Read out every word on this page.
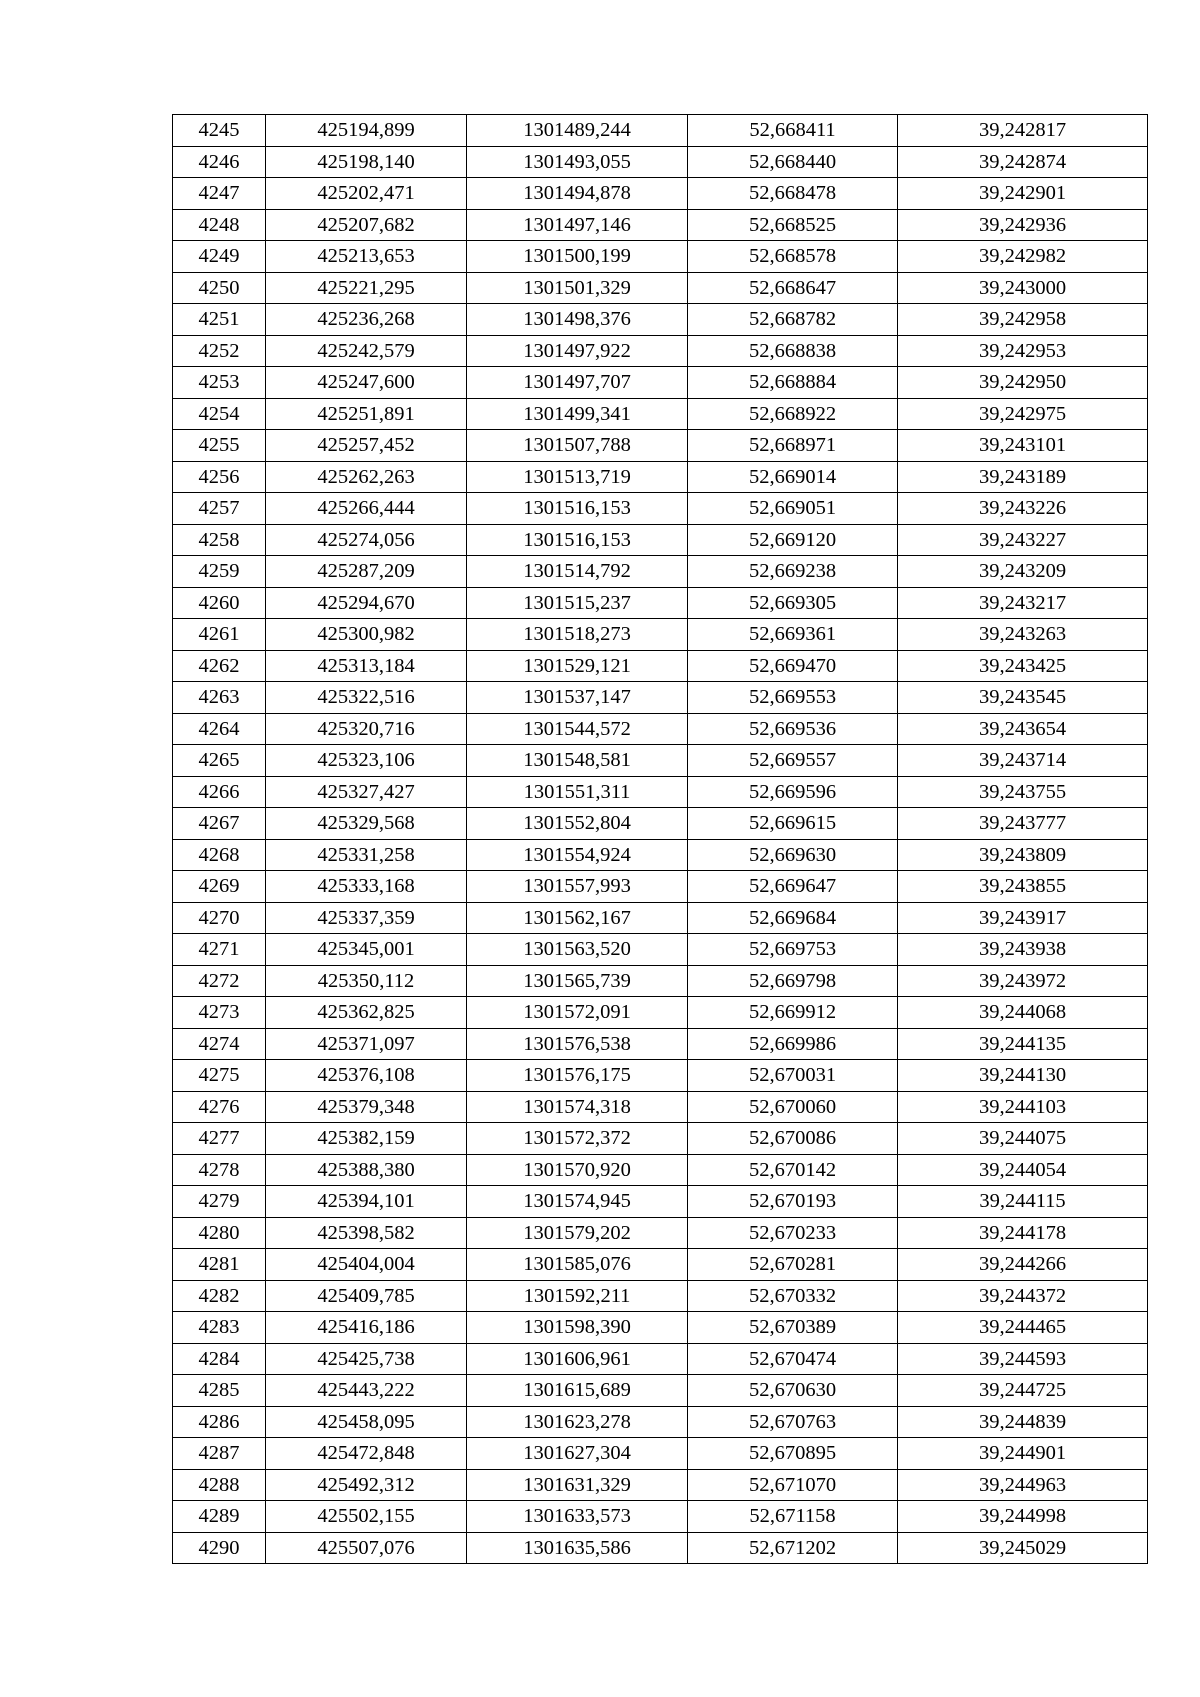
4245	425194,899	1301489,244	52,668411	39,242817
4246	425198,140	1301493,055	52,668440	39,242874
4247	425202,471	1301494,878	52,668478	39,242901
4248	425207,682	1301497,146	52,668525	39,242936
4249	425213,653	1301500,199	52,668578	39,242982
4250	425221,295	1301501,329	52,668647	39,243000
4251	425236,268	1301498,376	52,668782	39,242958
4252	425242,579	1301497,922	52,668838	39,242953
4253	425247,600	1301497,707	52,668884	39,242950
4254	425251,891	1301499,341	52,668922	39,242975
4255	425257,452	1301507,788	52,668971	39,243101
4256	425262,263	1301513,719	52,669014	39,243189
4257	425266,444	1301516,153	52,669051	39,243226
4258	425274,056	1301516,153	52,669120	39,243227
4259	425287,209	1301514,792	52,669238	39,243209
4260	425294,670	1301515,237	52,669305	39,243217
4261	425300,982	1301518,273	52,669361	39,243263
4262	425313,184	1301529,121	52,669470	39,243425
4263	425322,516	1301537,147	52,669553	39,243545
4264	425320,716	1301544,572	52,669536	39,243654
4265	425323,106	1301548,581	52,669557	39,243714
4266	425327,427	1301551,311	52,669596	39,243755
4267	425329,568	1301552,804	52,669615	39,243777
4268	425331,258	1301554,924	52,669630	39,243809
4269	425333,168	1301557,993	52,669647	39,243855
4270	425337,359	1301562,167	52,669684	39,243917
4271	425345,001	1301563,520	52,669753	39,243938
4272	425350,112	1301565,739	52,669798	39,243972
4273	425362,825	1301572,091	52,669912	39,244068
4274	425371,097	1301576,538	52,669986	39,244135
4275	425376,108	1301576,175	52,670031	39,244130
4276	425379,348	1301574,318	52,670060	39,244103
4277	425382,159	1301572,372	52,670086	39,244075
4278	425388,380	1301570,920	52,670142	39,244054
4279	425394,101	1301574,945	52,670193	39,244115
4280	425398,582	1301579,202	52,670233	39,244178
4281	425404,004	1301585,076	52,670281	39,244266
4282	425409,785	1301592,211	52,670332	39,244372
4283	425416,186	1301598,390	52,670389	39,244465
4284	425425,738	1301606,961	52,670474	39,244593
4285	425443,222	1301615,689	52,670630	39,244725
4286	425458,095	1301623,278	52,670763	39,244839
4287	425472,848	1301627,304	52,670895	39,244901
4288	425492,312	1301631,329	52,671070	39,244963
4289	425502,155	1301633,573	52,671158	39,244998
4290	425507,076	1301635,586	52,671202	39,245029
